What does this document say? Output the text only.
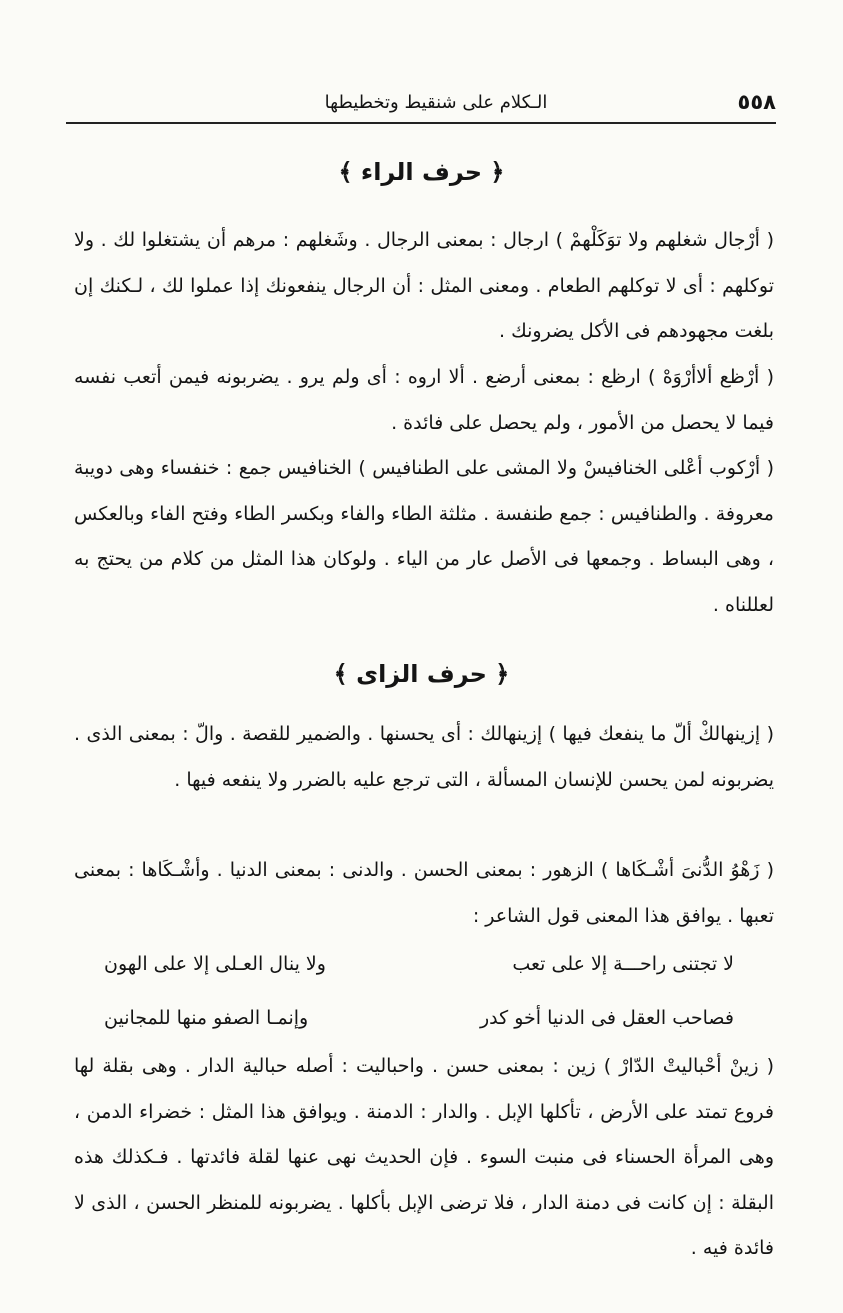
٥٥٨
الـكلام على شنقيط وتخطيطها
﴿ حرف الراء ﴾

( أرْجال شغلهم ولا توَكَلْهمْ ) ارجال : بمعنى الرجال . وشَغلهم : مرهم أن يشتغلوا لك . ولا توكلهم : أى لا توكلهم الطعام . ومعنى المثل : أن الرجال ينفعونك إذا عملوا لك ، لـكنك إن بلغت مجهودهم فى الأكل يضرونك .

( أرْظع ألاأرْوَهْ ) ارظع : بمعنى أرضع . ألا اروه : أى ولم يرو . يضربونه فيمن أتعب نفسه فيما لا يحصل من الأمور ، ولم يحصل على فائدة .

( أرْكوب أعْلى الخنافيسْ ولا المشى على الطنافيس ) الخنافيس جمع : خنفساء وهى دويبة معروفة . والطنافيس : جمع طنفسة . مثلثة الطاء والفاء وبكسر الطاء وفتح الفاء وبالعكس ، وهى البساط . وجمعها فى الأصل عار من الياء . ولوكان هذا المثل من كلام من يحتج به لعللناه .

﴿ حرف الزاى ﴾

( إزينهالكْ ألّ ما ينفعك فيها ) إزينهالك : أى يحسنها . والضمير للقصة . والّ : بمعنى الذى . يضربونه لمن يحسن للإنسان المسألة ، التى ترجع عليه بالضرر ولا ينفعه فيها .

( زَهْوُ الدُّنىَ أشْـكَاها ) الزهور : بمعنى الحسن . والدنى : بمعنى الدنيا . وأشْـكَاها : بمعنى تعبها . يوافق هذا المعنى قول الشاعر :

لا تجتنى راحـــة إلا على تعب
ولا ينال العـلى إلا على الهون
فصاحب العقل فى الدنيا أخو كدر
وإنمـا الصفو منها للمجانين

( زينْ أحْباليتْ الدّارْ ) زين : بمعنى حسن . واحباليت : أصله حبالية الدار . وهى بقلة لها فروع تمتد على الأرض ، تأكلها الإبل . والدار : الدمنة . ويوافق هذا المثل : خضراء الدمن ، وهى المرأة الحسناء فى منبت السوء . فإن الحديث نهى عنها لقلة فائدتها . فـكذلك هذه البقلة : إن كانت فى دمنة الدار ، فلا ترضى الإبل بأكلها . يضربونه للمنظر الحسن ، الذى لا فائدة فيه .
